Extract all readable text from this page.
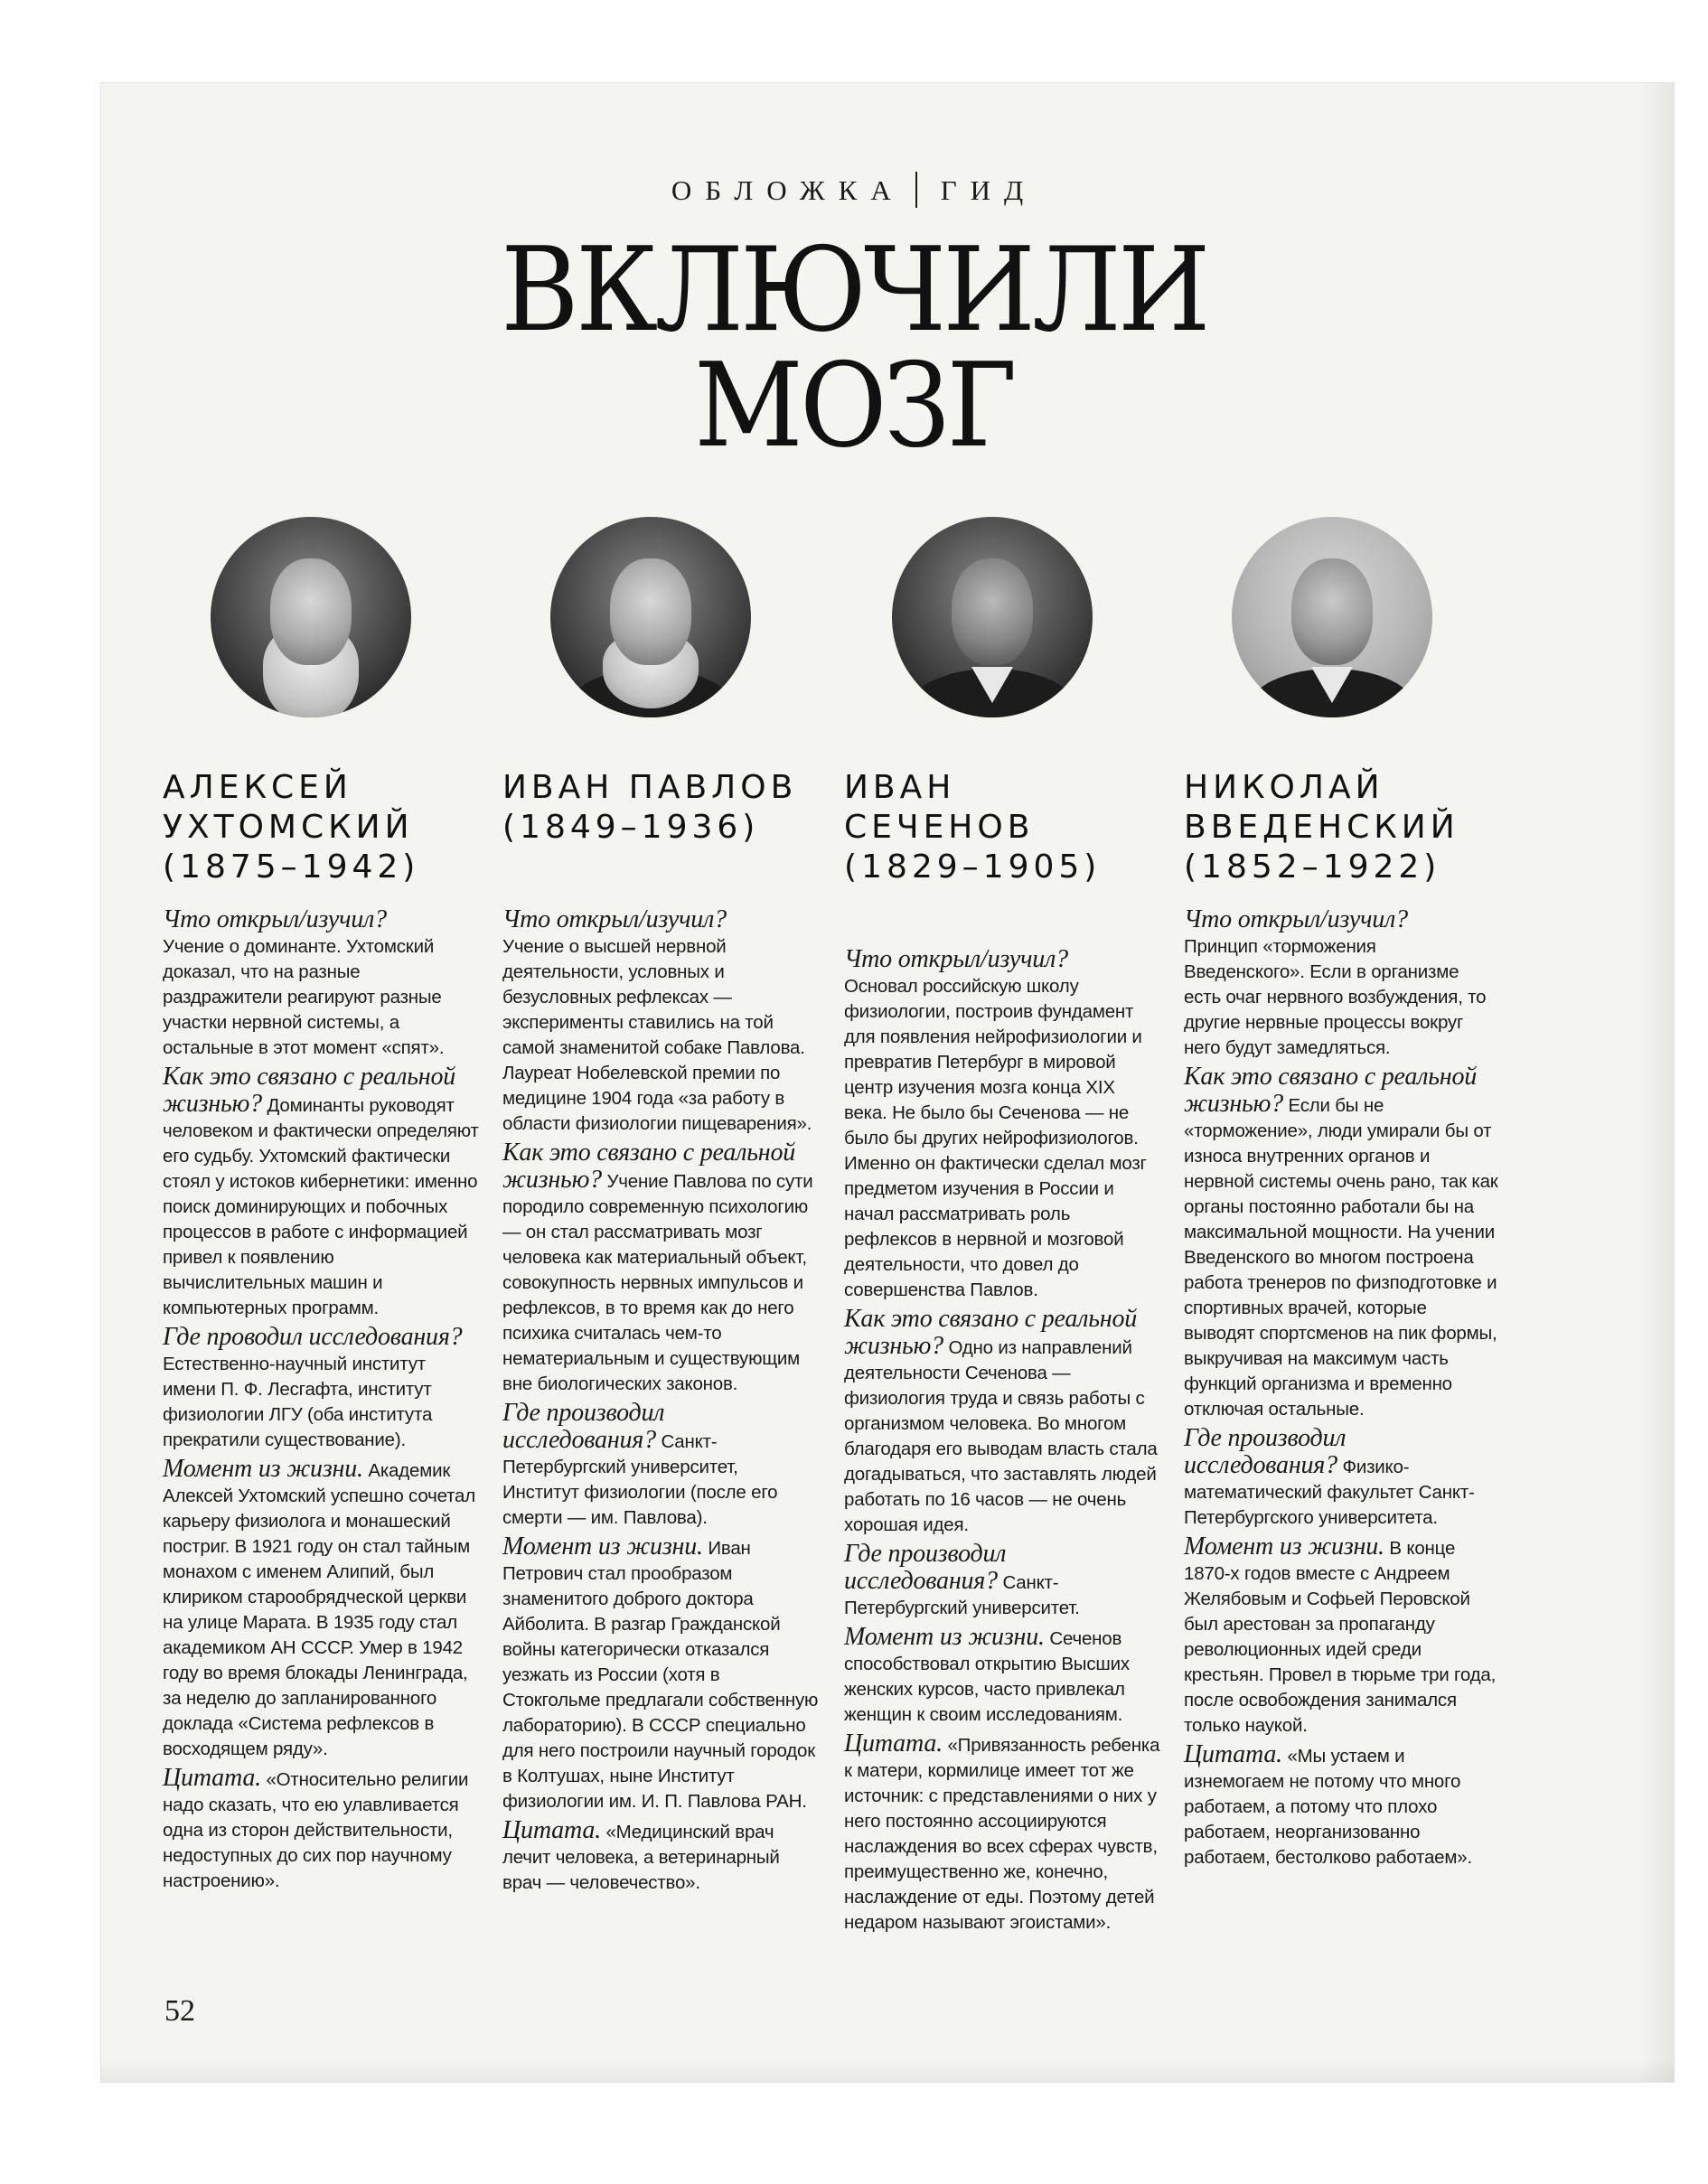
ОБЛОЖКА ГИД
ВКЛЮЧИЛИ
МОЗГ
АЛЕКСЕЙ УХТОМСКИЙ
(1875–1942)

Что открыл/изучил?
Учение о доминанте. Ухтомский доказал, что на разные раздражители реагируют разные участки нервной системы, а остальные в этот момент «спят».

Как это связано с реальной жизнью? Доминанты руководят человеком и фактически определяют его судьбу. Ухтомский фактически стоял у истоков кибернетики: именно поиск доминирующих и побочных процессов в работе с информацией привел к появлению вычислительных машин и компьютерных программ.

Где проводил исследования? Естественно-научный институт имени П. Ф. Лесгафта, институт физиологии ЛГУ (оба института прекратили существование).

Момент из жизни. Академик Алексей Ухтомский успешно сочетал карьеру физиолога и монашеский постриг. В 1921 году он стал тайным монахом с именем Алипий, был клириком старообрядческой церкви на улице Марата. В 1935 году стал академиком АН СССР. Умер в 1942 году во время блокады Ленинграда, за неделю до запланированного доклада «Система рефлексов в восходящем ряду».

Цитата. «Относительно религии надо сказать, что ею улавливается одна из сторон действительности, недоступных до сих пор научному настроению».

ИВАН ПАВЛОВ
(1849–1936)

Что открыл/изучил?
Учение о высшей нервной деятельности, условных и безусловных рефлексах — эксперименты ставились на той самой знаменитой собаке Павлова. Лауреат Нобелевской премии по медицине 1904 года «за работу в области физиологии пищеварения».

Как это связано с реальной жизнью? Учение Павлова по сути породило современную психологию — он стал рассматривать мозг человека как материальный объект, совокупность нервных импульсов и рефлексов, в то время как до него психика считалась чем-то нематериальным и существующим вне биологических законов.

Где производил исследования? Санкт-Петербургский университет, Институт физиологии (после его смерти — им. Павлова).

Момент из жизни. Иван Петрович стал прообразом знаменитого доброго доктора Айболита. В разгар Гражданской войны категорически отказался уезжать из России (хотя в Стокгольме предлагали собственную лабораторию). В СССР специально для него построили научный городок в Колтушах, ныне Институт физиологии им. И. П. Павлова РАН.

Цитата. «Медицинский врач лечит человека, а ветеринарный врач — человечество».

ИВАН СЕЧЕНОВ
(1829–1905)

Что открыл/изучил?
Основал российскую школу физиологии, построив фундамент для появления нейрофизиологии и превратив Петербург в мировой центр изучения мозга конца XIX века. Не было бы Сеченова — не было бы других нейрофизиологов. Именно он фактически сделал мозг предметом изучения в России и начал рассматривать роль рефлексов в нервной и мозговой деятельности, что довел до совершенства Павлов.

Как это связано с реальной жизнью? Одно из направлений деятельности Сеченова — физиология труда и связь работы с организмом человека. Во многом благодаря его выводам власть стала догадываться, что заставлять людей работать по 16 часов — не очень хорошая идея.

Где производил исследования? Санкт-Петербургский университет.

Момент из жизни. Сеченов способствовал открытию Высших женских курсов, часто привлекал женщин к своим исследованиям.

Цитата. «Привязанность ребенка к матери, кормилице имеет тот же источник: с представлениями о них у него постоянно ассоциируются наслаждения во всех сферах чувств, преимущественно же, конечно, наслаждение от еды. Поэтому детей недаром называют эгоистами».

НИКОЛАЙ ВВЕДЕНСКИЙ
(1852–1922)

Что открыл/изучил?
Принцип «торможения Введенского». Если в организме есть очаг нервного возбуждения, то другие нервные процессы вокруг него будут замедляться.

Как это связано с реальной жизнью? Если бы не «торможение», люди умирали бы от износа внутренних органов и нервной системы очень рано, так как органы постоянно работали бы на максимальной мощности. На учении Введенского во многом построена работа тренеров по физподготовке и спортивных врачей, которые выводят спортсменов на пик формы, выкручивая на максимум часть функций организма и временно отключая остальные.

Где производил исследования? Физико-математический факультет Санкт-Петербургского университета.

Момент из жизни. В конце 1870-х годов вместе с Андреем Желябовым и Софьей Перовской был арестован за пропаганду революционных идей среди крестьян. Провел в тюрьме три года, после освобождения занимался только наукой.

Цитата. «Мы устаем и изнемогаем не потому что много работаем, а потому что плохо работаем, неорганизованно работаем, бестолково работаем».

52
